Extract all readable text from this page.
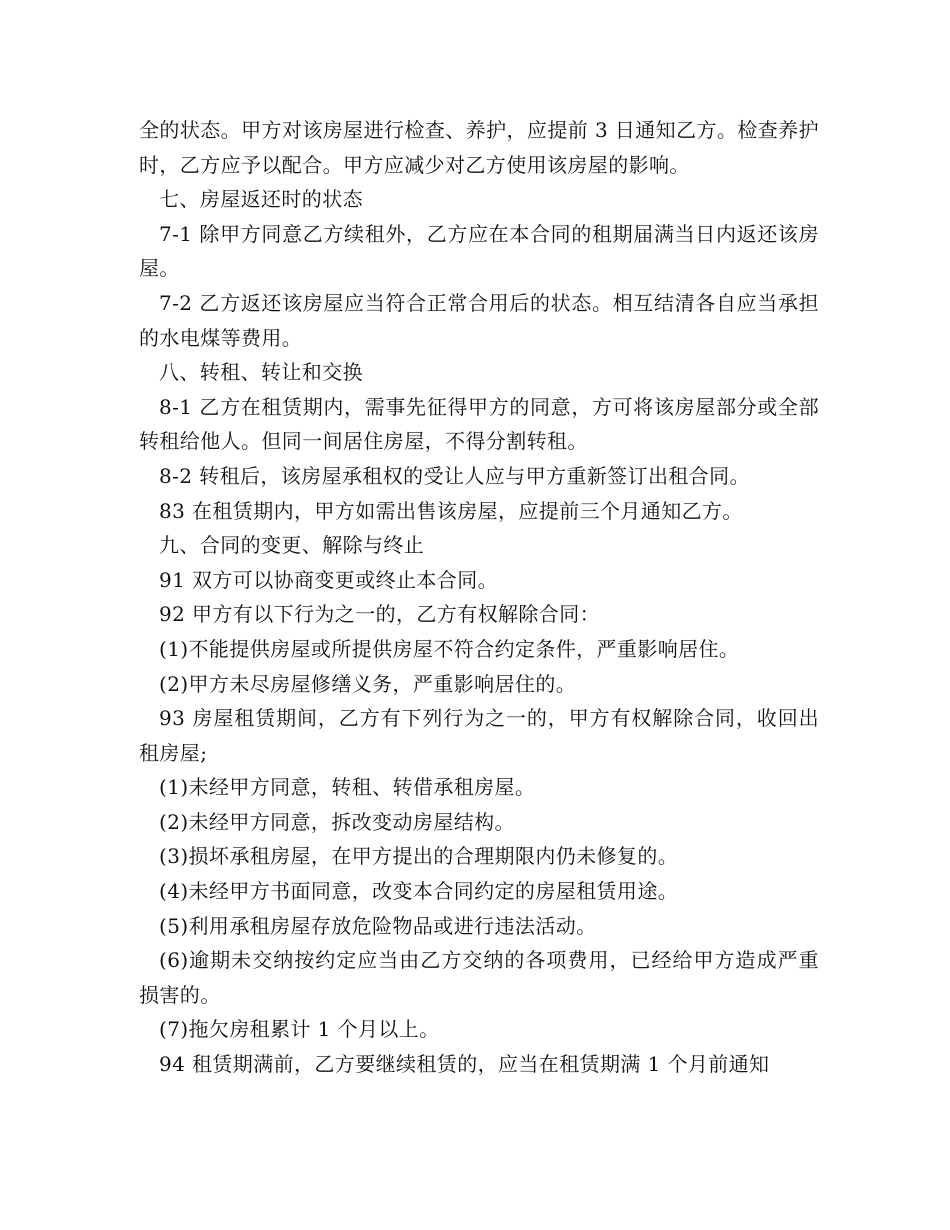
全的状态。甲方对该房屋进行检查、养护，应提前 3 日通知乙方。检查养护时，乙方应予以配合。甲方应减少对乙方使用该房屋的影响。

七、房屋返还时的状态

7-1 除甲方同意乙方续租外，乙方应在本合同的租期届满当日内返还该房屋。

7-2 乙方返还该房屋应当符合正常合用后的状态。相互结清各自应当承担的水电煤等费用。

八、转租、转让和交换

8-1 乙方在租赁期内，需事先征得甲方的同意，方可将该房屋部分或全部转租给他人。但同一间居住房屋，不得分割转租。

8-2 转租后，该房屋承租权的受让人应与甲方重新签订出租合同。

83 在租赁期内，甲方如需出售该房屋，应提前三个月通知乙方。

九、合同的变更、解除与终止

91 双方可以协商变更或终止本合同。

92 甲方有以下行为之一的，乙方有权解除合同：

(1)不能提供房屋或所提供房屋不符合约定条件，严重影响居住。

(2)甲方未尽房屋修缮义务，严重影响居住的。

93 房屋租赁期间，乙方有下列行为之一的，甲方有权解除合同，收回出租房屋;

(1)未经甲方同意，转租、转借承租房屋。

(2)未经甲方同意，拆改变动房屋结构。

(3)损坏承租房屋，在甲方提出的合理期限内仍未修复的。

(4)未经甲方书面同意，改变本合同约定的房屋租赁用途。

(5)利用承租房屋存放危险物品或进行违法活动。

(6)逾期未交纳按约定应当由乙方交纳的各项费用，已经给甲方造成严重损害的。

(7)拖欠房租累计 1 个月以上。

94 租赁期满前，乙方要继续租赁的，应当在租赁期满 1 个月前通知
